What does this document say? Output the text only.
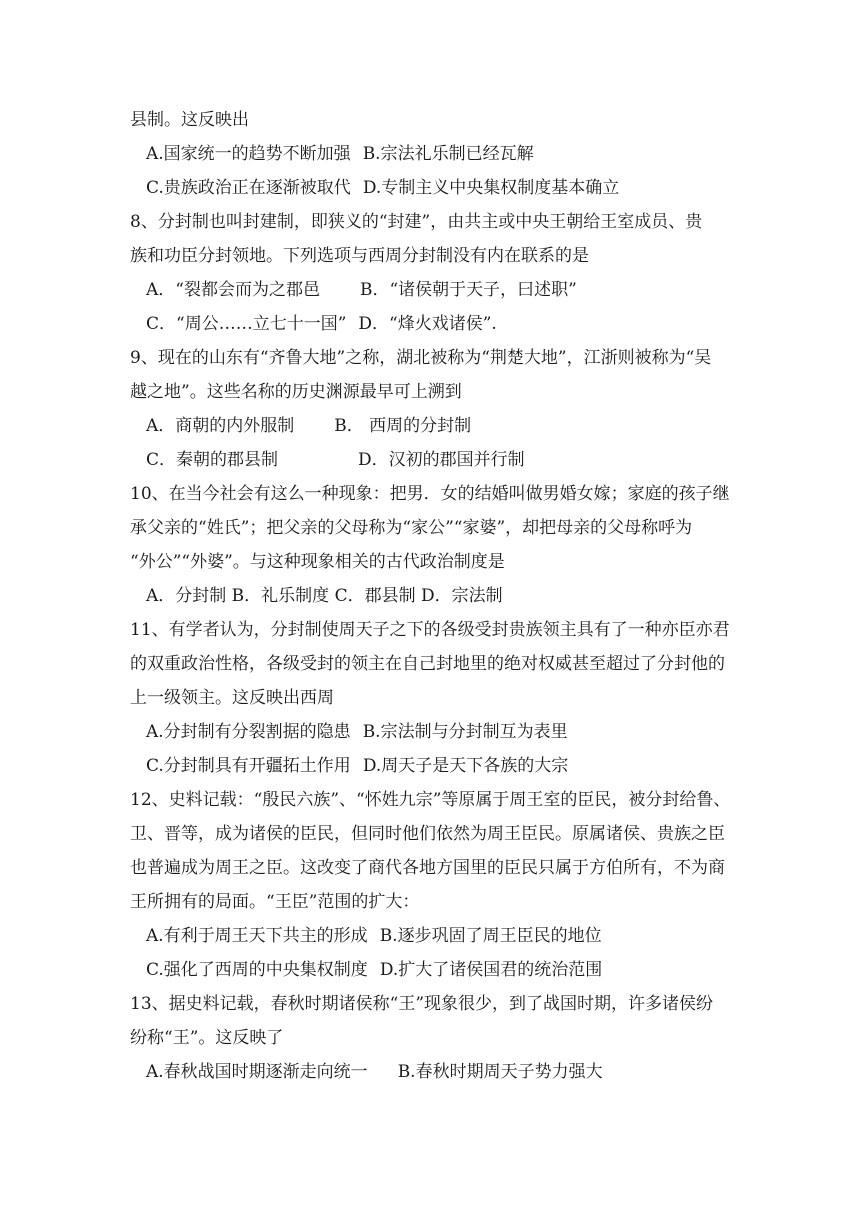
县制。这反映出
A.国家统一的趋势不断加强 B.宗法礼乐制已经瓦解
C.贵族政治正在逐渐被取代 D.专制主义中央集权制度基本确立
8、分封制也叫封建制，即狭义的“封建”，由共主或中央王朝给王室成员、贵
族和功臣分封领地。下列选项与西周分封制没有内在联系的是
A．“裂都会而为之郡邑 B．“诸侯朝于天子，曰述职”
C．“周公……立七十一国” D．“烽火戏诸侯”.
9、现在的山东有“齐鲁大地”之称，湖北被称为“荆楚大地”，江浙则被称为“吴
越之地”。这些名称的历史渊源最早可上溯到
A．商朝的内外服制 B． 西周的分封制
C．秦朝的郡县制	D．汉初的郡国并行制
10、在当今社会有这么一种现象：把男．女的结婚叫做男婚女嫁；家庭的孩子继
承父亲的“姓氏”；把父亲的父母称为“家公”“家婆”，却把母亲的父母称呼为
“外公”“外婆”。与这种现象相关的古代政治制度是
A．分封制 B．礼乐制度 C．郡县制 D．宗法制
11、有学者认为，分封制使周天子之下的各级受封贵族领主具有了一种亦臣亦君
的双重政治性格，各级受封的领主在自己封地里的绝对权威甚至超过了分封他的
上一级领主。这反映出西周
A.分封制有分裂割据的隐患 B.宗法制与分封制互为表里
C.分封制具有开疆拓土作用 D.周天子是天下各族的大宗
12、史料记载：“殷民六族”、“怀姓九宗”等原属于周王室的臣民，被分封给鲁、
卫、晋等，成为诸侯的臣民，但同时他们依然为周王臣民。原属诸侯、贵族之臣
也普遍成为周王之臣。这改变了商代各地方国里的臣民只属于方伯所有，不为商
王所拥有的局面。“王臣”范围的扩大：
A.有利于周王天下共主的形成 B.逐步巩固了周王臣民的地位
C.强化了西周的中央集权制度 D.扩大了诸侯国君的统治范围
13、据史料记载，春秋时期诸侯称“王”现象很少，到了战国时期，许多诸侯纷
纷称“王”。这反映了
A.春秋战国时期逐渐走向统一 B.春秋时期周天子势力强大
